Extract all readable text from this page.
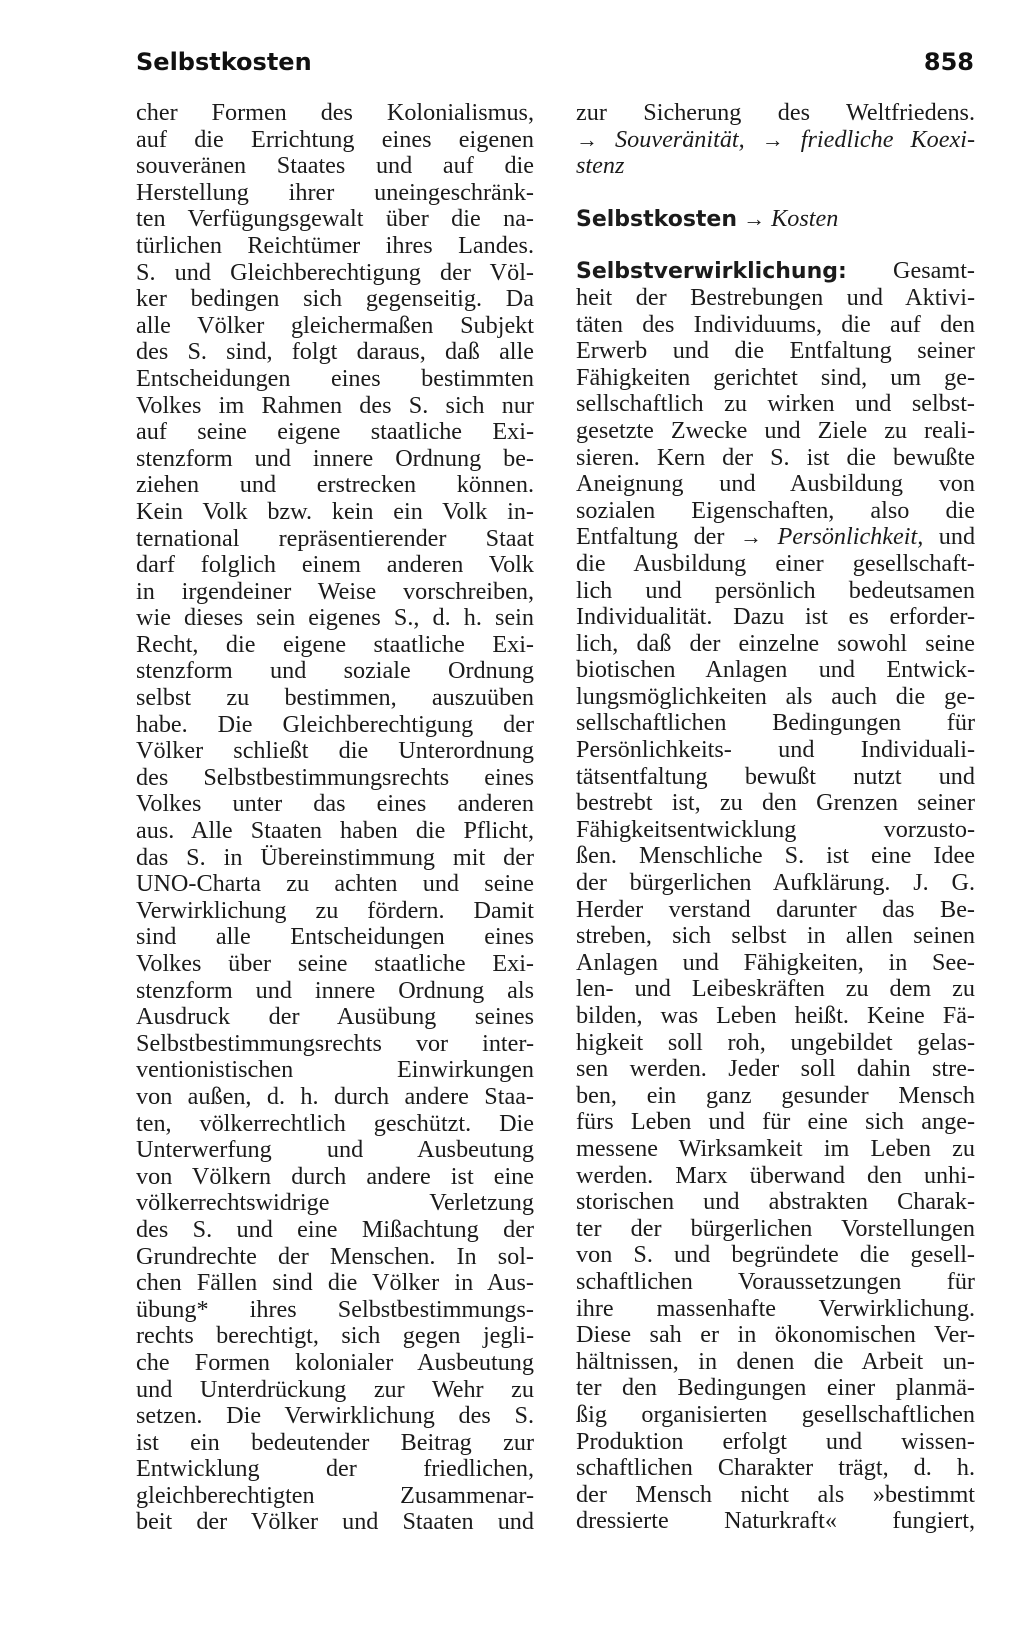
Selbstkosten	858
cher Formen des Kolonialismus,
auf die Errichtung eines eigenen
souveränen Staates und auf die
Herstellung ihrer uneingeschränk-
ten Verfügungsgewalt über die na-
türlichen Reichtümer ihres Landes.
S. und Gleichberechtigung der Völ-
ker bedingen sich gegenseitig. Da
alle Völker gleichermaßen Subjekt
des S. sind, folgt daraus, daß alle
Entscheidungen eines bestimmten
Volkes im Rahmen des S. sich nur
auf seine eigene staatliche Exi-
stenzform und innere Ordnung be-
ziehen und erstrecken können.
Kein Volk bzw. kein ein Volk in-
ternational repräsentierender Staat
darf folglich einem anderen Volk
in irgendeiner Weise vorschreiben,
wie dieses sein eigenes S., d. h. sein
Recht, die eigene staatliche Exi-
stenzform und soziale Ordnung
selbst zu bestimmen, auszuüben
habe. Die Gleichberechtigung der
Völker schließt die Unterordnung
des Selbstbestimmungsrechts eines
Volkes unter das eines anderen
aus. Alle Staaten haben die Pflicht,
das S. in Übereinstimmung mit der
UNO-Charta zu achten und seine
Verwirklichung zu fördern. Damit
sind alle Entscheidungen eines
Volkes über seine staatliche Exi-
stenzform und innere Ordnung als
Ausdruck der Ausübung seines
Selbstbestimmungsrechts vor inter-
ventionistischen Einwirkungen
von außen, d. h. durch andere Staa-
ten, völkerrechtlich geschützt. Die
Unterwerfung und Ausbeutung
von Völkern durch andere ist eine
völkerrechtswidrige Verletzung
des S. und eine Mißachtung der
Grundrechte der Menschen. In sol-
chen Fällen sind die Völker in Aus-
übung* ihres Selbstbestimmungs-
rechts berechtigt, sich gegen jegli-
che Formen kolonialer Ausbeutung
und Unterdrückung zur Wehr zu
setzen. Die Verwirklichung des S.
ist ein bedeutender Beitrag zur
Entwicklung der friedlichen,
gleichberechtigten Zusammenar-
beit der Völker und Staaten und
zur Sicherung des Weltfriedens.
→ Souveränität, → friedliche Koexi-
stenz
Selbstkosten → Kosten
Selbstverwirklichung: Gesamt-
heit der Bestrebungen und Aktivi-
täten des Individuums, die auf den
Erwerb und die Entfaltung seiner
Fähigkeiten gerichtet sind, um ge-
sellschaftlich zu wirken und selbst-
gesetzte Zwecke und Ziele zu reali-
sieren. Kern der S. ist die bewußte
Aneignung und Ausbildung von
sozialen Eigenschaften, also die
Entfaltung der → Persönlichkeit, und
die Ausbildung einer gesellschaft-
lich und persönlich bedeutsamen
Individualität. Dazu ist es erforder-
lich, daß der einzelne sowohl seine
biotischen Anlagen und Entwick-
lungsmöglichkeiten als auch die ge-
sellschaftlichen Bedingungen für
Persönlichkeits- und Individuali-
tätsentfaltung bewußt nutzt und
bestrebt ist, zu den Grenzen seiner
Fähigkeitsentwicklung vorzusto-
ßen. Menschliche S. ist eine Idee
der bürgerlichen Aufklärung. J. G.
Herder verstand darunter das Be-
streben, sich selbst in allen seinen
Anlagen und Fähigkeiten, in See-
len- und Leibeskräften zu dem zu
bilden, was Leben heißt. Keine Fä-
higkeit soll roh, ungebildet gelas-
sen werden. Jeder soll dahin stre-
ben, ein ganz gesunder Mensch
fürs Leben und für eine sich ange-
messene Wirksamkeit im Leben zu
werden. Marx überwand den unhi-
storischen und abstrakten Charak-
ter der bürgerlichen Vorstellungen
von S. und begründete die gesell-
schaftlichen Voraussetzungen für
ihre massenhafte Verwirklichung.
Diese sah er in ökonomischen Ver-
hältnissen, in denen die Arbeit un-
ter den Bedingungen einer planmä-
ßig organisierten gesellschaftlichen
Produktion erfolgt und wissen-
schaftlichen Charakter trägt, d. h.
der Mensch nicht als »bestimmt
dressierte Naturkraft« fungiert,
